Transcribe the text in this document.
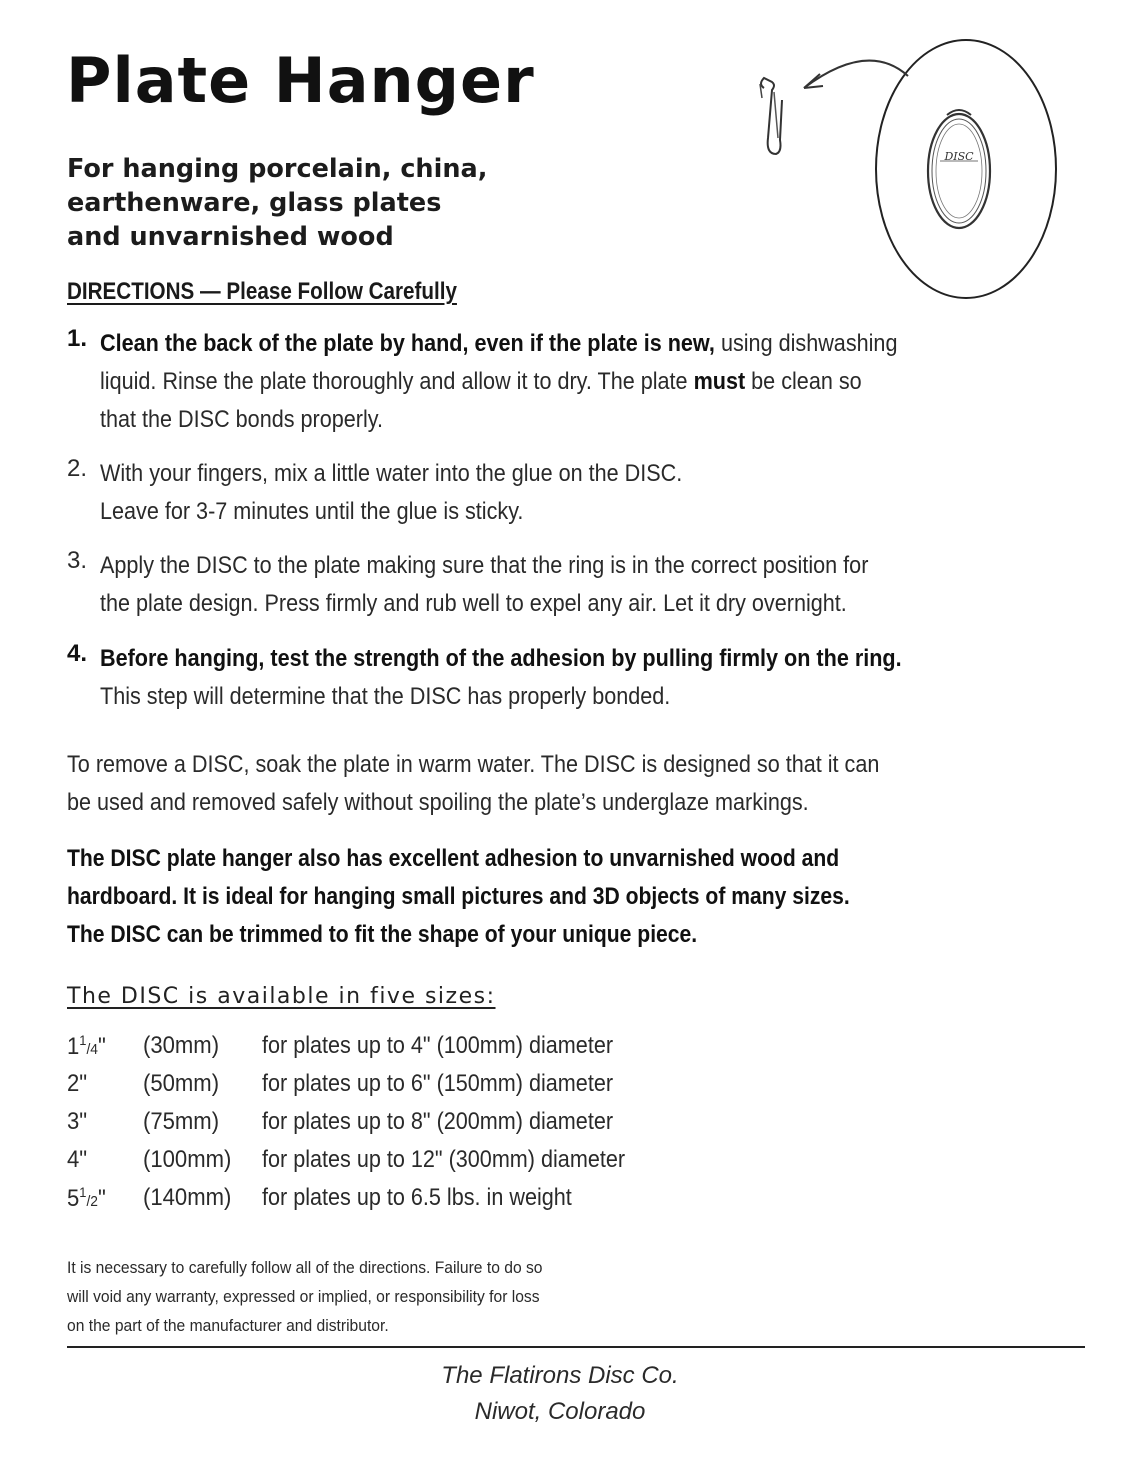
Plate Hanger
For hanging porcelain, china,
earthenware, glass plates
and unvarnished wood
DISC
DIRECTIONS — Please Follow Carefully
1. Clean the back of the plate by hand, even if the plate is new, using dishwashing
liquid. Rinse the plate thoroughly and allow it to dry. The plate must be clean so
that the DISC bonds properly.
2. With your fingers, mix a little water into the glue on the DISC.
Leave for 3-7 minutes until the glue is sticky.
3. Apply the DISC to the plate making sure that the ring is in the correct position for
the plate design. Press firmly and rub well to expel any air. Let it dry overnight.
4. Before hanging, test the strength of the adhesion by pulling firmly on the ring.
This step will determine that the DISC has properly bonded.
To remove a DISC, soak the plate in warm water. The DISC is designed so that it can
be used and removed safely without spoiling the plate’s underglaze markings.
The DISC plate hanger also has excellent adhesion to unvarnished wood and
hardboard. It is ideal for hanging small pictures and 3D objects of many sizes.
The DISC can be trimmed to fit the shape of your unique piece.
The DISC is available in five sizes:
$1^1/4$" (30mm) for plates up to 4" (100mm) diameter
2" (50mm) for plates up to 6" (150mm) diameter
3" (75mm) for plates up to 8" (200mm) diameter
4" (100mm) for plates up to 12" (300mm) diameter
$5^1/2$" (140mm) for plates up to 6.5 lbs. in weight
It is necessary to carefully follow all of the directions. Failure to do so
will void any warranty, expressed or implied, or responsibility for loss
on the part of the manufacturer and distributor.
The Flatirons Disc Co.
Niwot, Colorado
